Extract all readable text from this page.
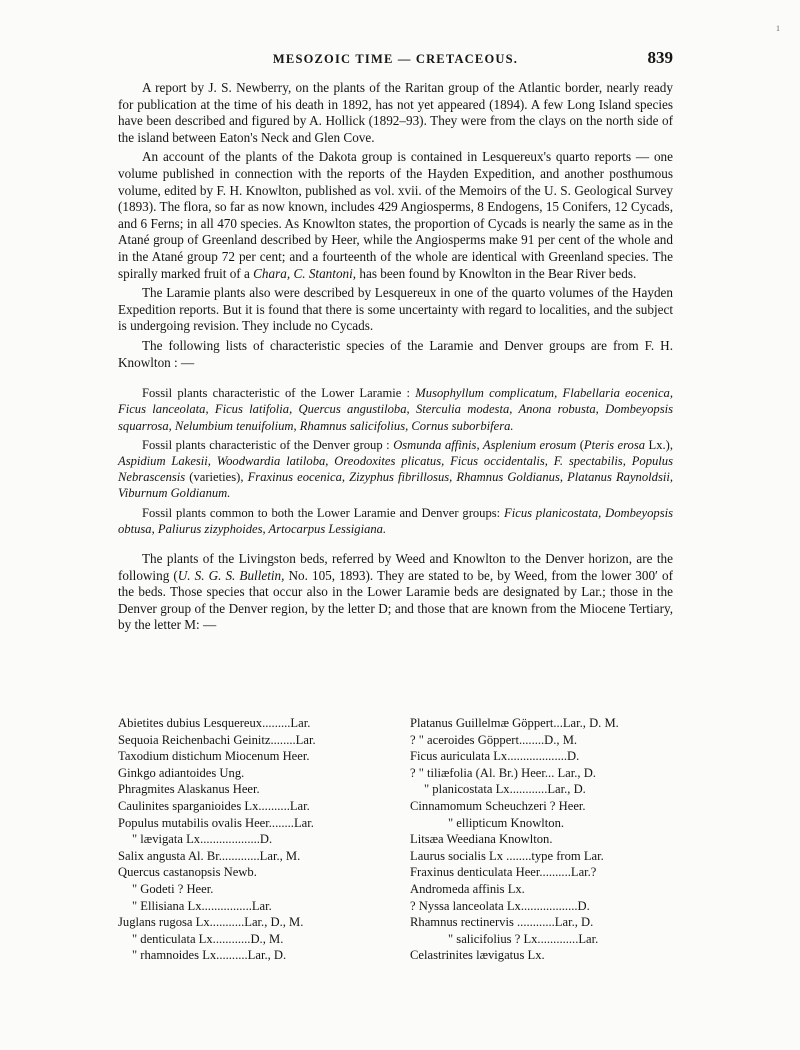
MESOZOIC TIME — CRETACEOUS.	839
1

A report by J. S. Newberry, on the plants of the Raritan group of the Atlantic border, nearly ready for publication at the time of his death in 1892, has not yet appeared (1894). A few Long Island species have been described and figured by A. Hollick (1892–93). They were from the clays on the north side of the island between Eaton's Neck and Glen Cove.

An account of the plants of the Dakota group is contained in Lesquereux's quarto reports — one volume published in connection with the reports of the Hayden Expedition, and another posthumous volume, edited by F. H. Knowlton, published as vol. xvii. of the Memoirs of the U. S. Geological Survey (1893). The flora, so far as now known, includes 429 Angiosperms, 8 Endogens, 15 Conifers, 12 Cycads, and 6 Ferns; in all 470 species. As Knowlton states, the proportion of Cycads is nearly the same as in the Atané group of Greenland described by Heer, while the Angiosperms make 91 per cent of the whole and in the Atané group 72 per cent; and a fourteenth of the whole are identical with Greenland species. The spirally marked fruit of a Chara, C. Stantoni, has been found by Knowlton in the Bear River beds.

The Laramie plants also were described by Lesquereux in one of the quarto volumes of the Hayden Expedition reports. But it is found that there is some uncertainty with regard to localities, and the subject is undergoing revision. They include no Cycads.

The following lists of characteristic species of the Laramie and Denver groups are from F. H. Knowlton : —

Fossil plants characteristic of the Lower Laramie : Musophyllum complicatum, Flabellaria eocenica, Ficus lanceolata, Ficus latifolia, Quercus angustiloba, Sterculia modesta, Anona robusta, Dombeyopsis squarrosa, Nelumbium tenuifolium, Rhamnus salicifolius, Cornus suborbifera.

Fossil plants characteristic of the Denver group : Osmunda affinis, Asplenium erosum (Pteris erosa Lx.), Aspidium Lakesii, Woodwardia latiloba, Oreodoxites plicatus, Ficus occidentalis, F. spectabilis, Populus Nebrascensis (varieties), Fraxinus eocenica, Zizyphus fibrillosus, Rhamnus Goldianus, Platanus Raynoldsii, Viburnum Goldianum.

Fossil plants common to both the Lower Laramie and Denver groups: Ficus planicostata, Dombeyopsis obtusa, Paliurus zizyphoides, Artocarpus Lessigiana.

The plants of the Livingston beds, referred by Weed and Knowlton to the Denver horizon, are the following (U. S. G. S. Bulletin, No. 105, 1893). They are stated to be, by Weed, from the lower 300′ of the beds. Those species that occur also in the Lower Laramie beds are designated by Lar.; those in the Denver group of the Denver region, by the letter D; and those that are known from the Miocene Tertiary, by the letter M: —

Abietites dubius Lesquereux.........Lar.
Sequoia Reichenbachi Geinitz........Lar.
Taxodium distichum Miocenum Heer.
Ginkgo adiantoides Ung.
Phragmites Alaskanus Heer.
Caulinites sparganioides Lx..........Lar.
Populus mutabilis ovalis Heer........Lar.
" lævigata Lx...................D.
Salix angusta Al. Br.............Lar., M.
Quercus castanopsis Newb.
" Godeti ? Heer.
" Ellisiana Lx................Lar.
Juglans rugosa Lx...........Lar., D., M.
" denticulata Lx............D., M.
" rhamnoides Lx..........Lar., D.
Platanus Guillelmæ Göppert...Lar., D. M.
? " aceroides Göppert........D., M.
Ficus auriculata Lx...................D.
? " tiliæfolia (Al. Br.) Heer... Lar., D.
" planicostata Lx............Lar., D.
Cinnamomum Scheuchzeri ? Heer.
" ellipticum Knowlton.
Litsæa Weediana Knowlton.
Laurus socialis Lx ........type from Lar.
Fraxinus denticulata Heer..........Lar.?
Andromeda affinis Lx.
? Nyssa lanceolata Lx..................D.
Rhamnus rectinervis ............Lar., D.
" salicifolius ? Lx.............Lar.
Celastrinites lævigatus Lx.
